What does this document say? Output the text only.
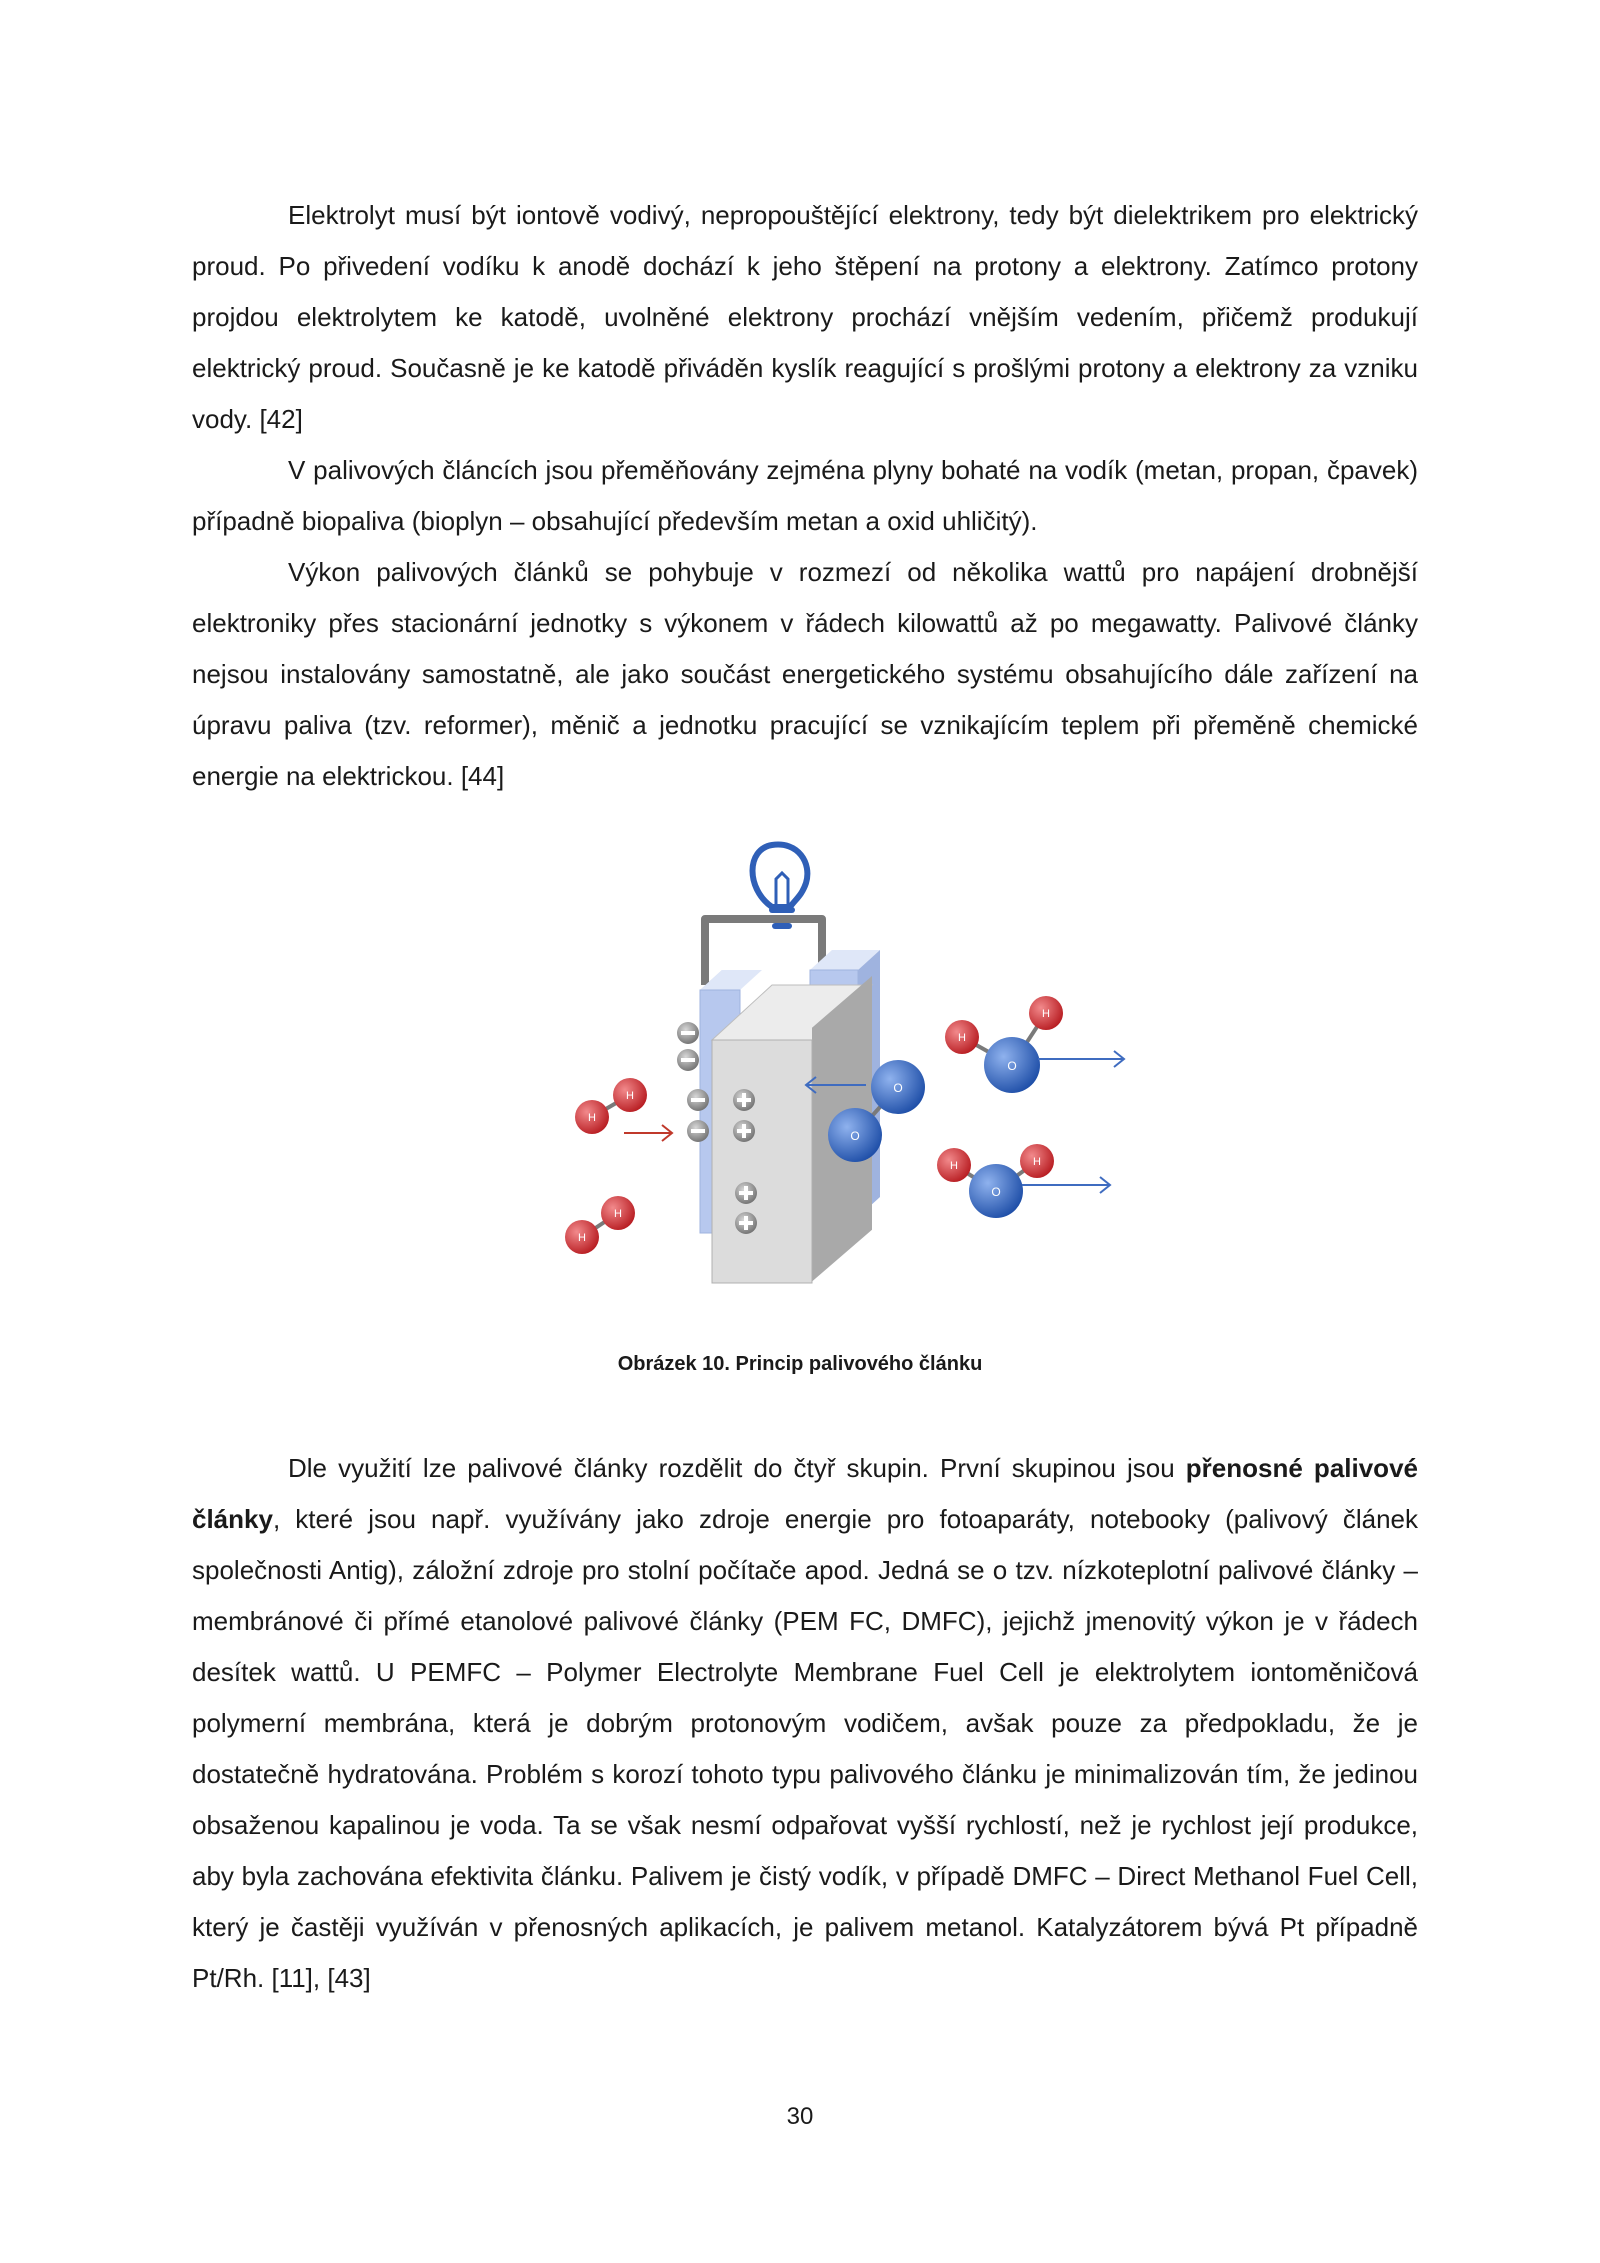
Elektrolyt musí být iontově vodivý, nepropouštějící elektrony, tedy být dielektrikem pro elektrický proud. Po přivedení vodíku k anodě dochází k jeho štěpení na protony a elektrony. Zatímco protony projdou elektrolytem ke katodě, uvolněné elektrony prochází vnějším vedením, přičemž produkují elektrický proud. Současně je ke katodě přiváděn kyslík reagující s prošlými protony a elektrony za vzniku vody. [42]

V palivových článcích jsou přeměňovány zejména plyny bohaté na vodík (metan, propan, čpavek) případně biopaliva (bioplyn – obsahující především metan a oxid uhličitý).

Výkon palivových článků se pohybuje v rozmezí od několika wattů pro napájení drobnější elektroniky přes stacionární jednotky s výkonem v řádech kilowattů až po megawatty. Palivové články nejsou instalovány samostatně, ale jako součást energetického systému obsahujícího dále zařízení na úpravu paliva (tzv. reformer), měnič a jednotku pracující se vznikajícím teplem při přeměně chemické energie na elektrickou. [44]

H
H
H
H
O
O
H
H
O
H	H
O
Obrázek 10. Princip palivového článku

Dle využití lze palivové články rozdělit do čtyř skupin. První skupinou jsou přenosné palivové články, které jsou např. využívány jako zdroje energie pro fotoaparáty, notebooky (palivový článek společnosti Antig), záložní zdroje pro stolní počítače apod. Jedná se o tzv. nízkoteplotní palivové články – membránové či přímé etanolové palivové články (PEM FC, DMFC), jejichž jmenovitý výkon je v řádech desítek wattů. U PEMFC – Polymer Electrolyte Membrane Fuel Cell je elektrolytem iontoměničová polymerní membrána, která je dobrým protonovým vodičem, avšak pouze za předpokladu, že je dostatečně hydratována. Problém s korozí tohoto typu palivového článku je minimalizován tím, že jedinou obsaženou kapalinou je voda. Ta se však nesmí odpařovat vyšší rychlostí, než je rychlost její produkce, aby byla zachována efektivita článku. Palivem je čistý vodík, v případě DMFC – Direct Methanol Fuel Cell, který je častěji využíván v přenosných aplikacích, je palivem metanol. Katalyzátorem bývá Pt případně Pt/Rh. [11], [43]

30
